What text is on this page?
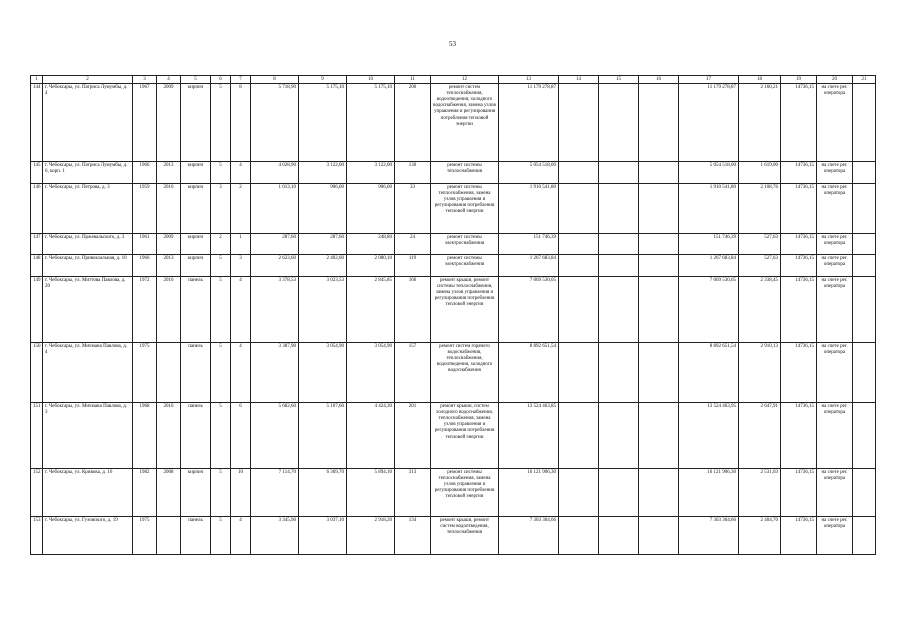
53
1	2	3	4	5	6	7	8	9	10	11	12	13	14	15	16	17	18	19	20	21
144	г. Чебоксары, ул. Патриса Лумумбы, д. 4	1967	2009	кирпич	5	8	5 718,90	5 175,10	5 175,10	200	ремонт систем теплоснабжения, водоотведения, холодного водоснабжения, замена узлов управления и регулирования потребления тепловой энергии	11 179 278,87				11 179 278,87	2 160,21	14736,15	на счете рег. оператора	
145	г. Чебоксары, ул. Патриса Лумумбы, д. 6, корп. 1	1966	2013	кирпич	5	4	4 028,90	3 122,00	3 122,00	130	ремонт системы теплоснабжения	5 054 518,00				5 054 518,00	1 619,00	14736,15	на счете рег. оператора	
146	г. Чебоксары, ул. Петрова, д. 3	1959	2016	кирпич	3	2	1 013,10	906,00	906,00	33	ремонт системы теплоснабжения, замена узлов управления и регулирования потребления тепловой энергии	1 910 541,80				1 910 541,80	2 108,76	14736,15	на счете рег. оператора	
147	г. Чебоксары, ул. Пржевальского, д. 3	1961	2009	кирпич	2	1	287,60	287,60	248,80	24	ремонт системы электроснабжения	151 746,39				151 746,39	527,63	14736,15	на счете рег. оператора	
148	г. Чебоксары, ул. Привокзальная, д. 10	1966	2013	кирпич	5	3	2 623,60	2 402,60	2 080,10	119	ремонт системы электроснабжения	1 267 683,84				1 267 683,84	527,63	14736,15	на счете рег. оператора	
149	г. Чебоксары, ул. Миттова Павлова, д. 20	1972	2016	панель	5	4	3 378,53	3 023,53	2 845,85	166	ремонт крыши, ремонт системы теплоснабжения, замена узлов управления и регулирования потребления тепловой энергии	7 069 530,05				7 069 530,05	2 338,45	14736,15	на счете рег. оператора	
150	г. Чебоксары, ул. Мичмана Павлова, д. 4	1975		панель	5	4	3 387,90	3 054,90	3 054,90	157	ремонт систем горячего водоснабжения, теплоснабжения, водоотведения, холодного водоснабжения	8 892 651,54				8 892 651,54	2 910,13	14736,15	на счете рег. оператора	
151	г. Чебоксары, ул. Мичмана Павлова, д. 3	1968	2016	панель	5	6	5 682,60	5 107,60	4 424,30	201	ремонт крыши, систем холодного водоснабжения, теплоснабжения, замена узлов управления и регулирования потребления тепловой энергии	13 524 463,85				13 524 463,95	2 647,91	14736,15	на счете рег. оператора	
152	г. Чебоксары, ул. Кривова, д. 16	1982	2008	кирпич	5	10	7 114,70	6 369,70	5 894,10	313	ремонт системы теплоснабжения, замена узлов управления и регулирования потребления тепловой энергии	16 121 906,30				16 121 906,30	2 531,03	14736,15	на счете рег. оператора	
153	г. Чебоксары, ул. Гузовского, д. 19	1975		панель	5	4	3 345,90	3 037,10	2 918,20	134	ремонт крыши, ремонт систем водоотведения, теплоснабжения	7 303 304,66				7 303 304,66	2 404,70	14736,15	на счете рег. оператора	
